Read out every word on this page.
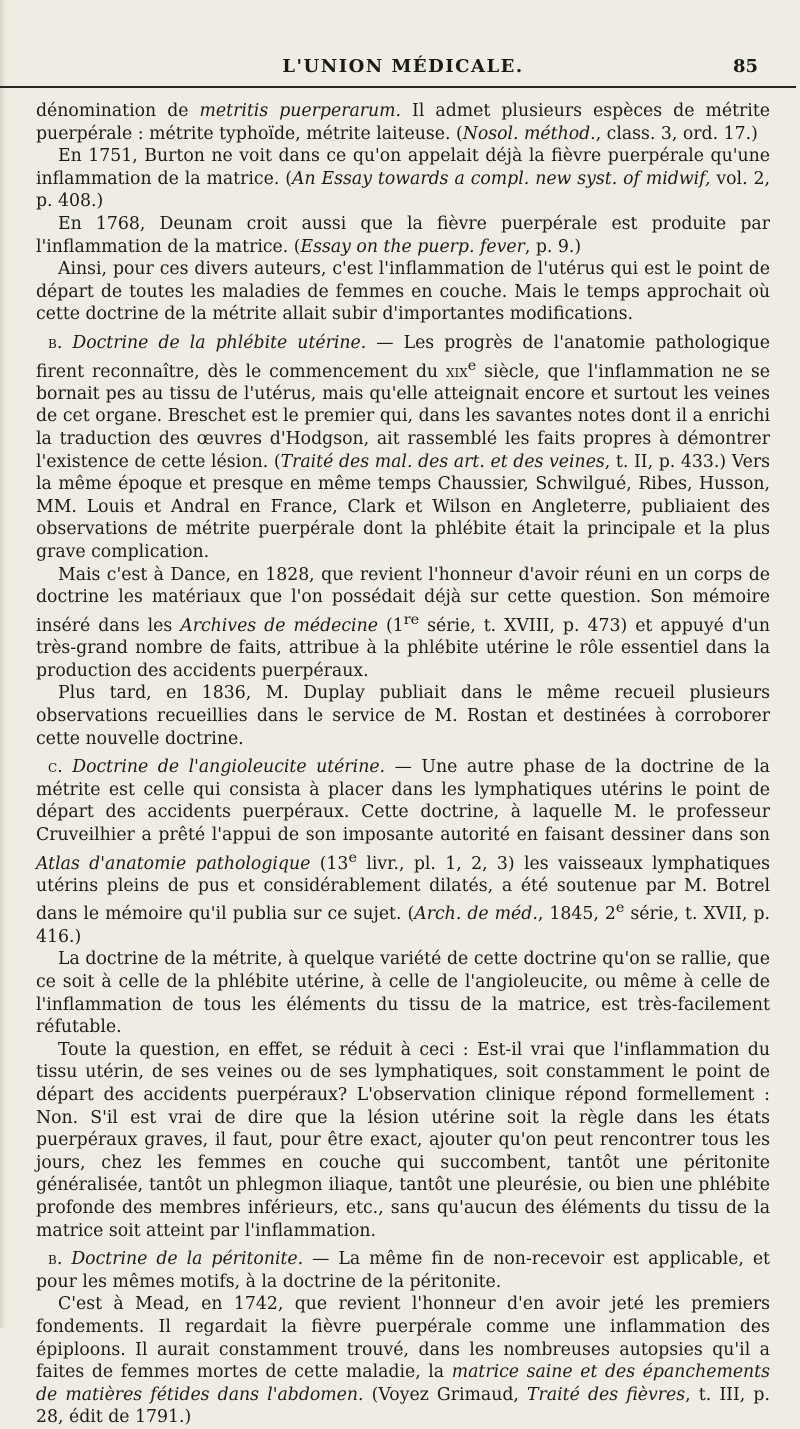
L'UNION MÉDICALE.	85

dénomination de metritis puerperarum. Il admet plusieurs espèces de métrite puerpérale : métrite typhoïde, métrite laiteuse. (Nosol. méthod., class. 3, ord. 17.)

En 1751, Burton ne voit dans ce qu'on appelait déjà la fièvre puerpérale qu'une inflammation de la matrice. (An Essay towards a compl. new syst. of midwif, vol. 2, p. 408.)

En 1768, Deunam croit aussi que la fièvre puerpérale est produite par l'inflammation de la matrice. (Essay on the puerp. fever, p. 9.)

Ainsi, pour ces divers auteurs, c'est l'inflammation de l'utérus qui est le point de départ de toutes les maladies de femmes en couche. Mais le temps approchait où cette doctrine de la métrite allait subir d'importantes modifications.

b. Doctrine de la phlébite utérine. — Les progrès de l'anatomie pathologique firent reconnaître, dès le commencement du xix$^e$ siècle, que l'inflammation ne se bornait pes au tissu de l'utérus, mais qu'elle atteignait encore et surtout les veines de cet organe. Breschet est le premier qui, dans les savantes notes dont il a enrichi la traduction des œuvres d'Hodgson, ait rassemblé les faits propres à démontrer l'existence de cette lésion. (Traité des mal. des art. et des veines, t. II, p. 433.) Vers la même époque et presque en même temps Chaussier, Schwilgué, Ribes, Husson, MM. Louis et Andral en France, Clark et Wilson en Angleterre, publiaient des observations de métrite puerpérale dont la phlébite était la principale et la plus grave complication.

Mais c'est à Dance, en 1828, que revient l'honneur d'avoir réuni en un corps de doctrine les matériaux que l'on possédait déjà sur cette question. Son mémoire inséré dans les Archives de médecine (1re série, t. XVIII, p. 473) et appuyé d'un très-grand nombre de faits, attribue à la phlébite utérine le rôle essentiel dans la production des accidents puerpéraux.

Plus tard, en 1836, M. Duplay publiait dans le même recueil plusieurs observations recueillies dans le service de M. Rostan et destinées à corroborer cette nouvelle doctrine.

c. Doctrine de l'angioleucite utérine. — Une autre phase de la doctrine de la métrite est celle qui consista à placer dans les lymphatiques utérins le point de départ des accidents puerpéraux. Cette doctrine, à laquelle M. le professeur Cruveilhier a prêté l'appui de son imposante autorité en faisant dessiner dans son Atlas d'anatomie pathologique (13e livr., pl. 1, 2, 3) les vaisseaux lymphatiques utérins pleins de pus et considérablement dilatés, a été soutenue par M. Botrel dans le mémoire qu'il publia sur ce sujet. (Arch. de méd., 1845, 2e série, t. XVII, p. 416.)

La doctrine de la métrite, à quelque variété de cette doctrine qu'on se rallie, que ce soit à celle de la phlébite utérine, à celle de l'angioleucite, ou même à celle de l'inflammation de tous les éléments du tissu de la matrice, est très-facilement réfutable.

Toute la question, en effet, se réduit à ceci : Est-il vrai que l'inflammation du tissu utérin, de ses veines ou de ses lymphatiques, soit constamment le point de départ des accidents puerpéraux? L'observation clinique répond formellement : Non. S'il est vrai de dire que la lésion utérine soit la règle dans les états puerpéraux graves, il faut, pour être exact, ajouter qu'on peut rencontrer tous les jours, chez les femmes en couche qui succombent, tantôt une péritonite généralisée, tantôt un phlegmon iliaque, tantôt une pleurésie, ou bien une phlébite profonde des membres inférieurs, etc., sans qu'aucun des éléments du tissu de la matrice soit atteint par l'inflammation.

b. Doctrine de la péritonite. — La même fin de non-recevoir est applicable, et pour les mêmes motifs, à la doctrine de la péritonite.

C'est à Mead, en 1742, que revient l'honneur d'en avoir jeté les premiers fondements. Il regardait la fièvre puerpérale comme une inflammation des épiploons. Il aurait constamment trouvé, dans les nombreuses autopsies qu'il a faites de femmes mortes de cette maladie, la matrice saine et des épanchements de matières fétides dans l'abdomen. (Voyez Grimaud, Traité des fièvres, t. III, p. 28, édit de 1791.)
